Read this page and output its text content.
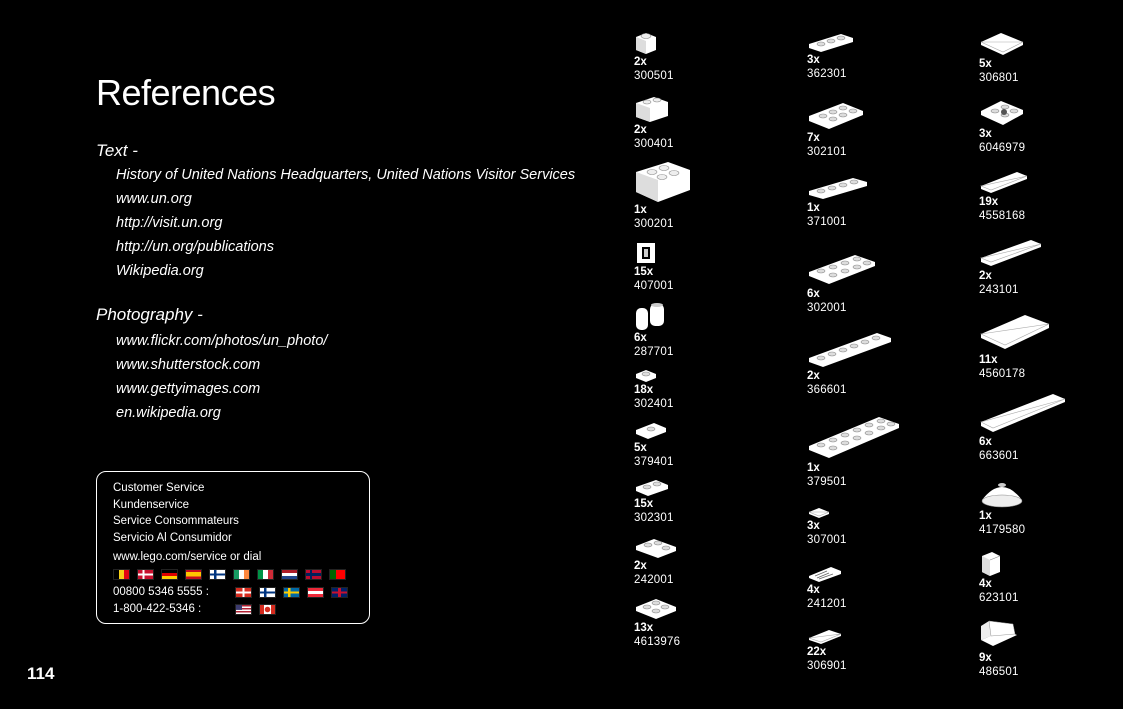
References
Text -
History of United Nations Headquarters, United Nations Visitor Services
www.un.org
http://visit.un.org
http://un.org/publications
Wikipedia.org
Photography -
www.flickr.com/photos/un_photo/
www.shutterstock.com
www.gettyimages.com
en.wikipedia.org
Customer Service
Kundenservice
Service Consommateurs
Servicio Al Consumidor
www.lego.com/service or dial
00800 5346 5555 :
1-800-422-5346 :
114
2x
300501
2x
300401
1x
300201
15x
407001
6x
287701
18x
302401
5x
379401
15x
302301
2x
242001
13x
4613976
3x
362301
7x
302101
1x
371001
6x
302001
2x
366601
1x
379501
3x
307001
4x
241201
22x
306901
5x
306801
3x
6046979
19x
4558168
2x
243101
11x
4560178
6x
663601
1x
4179580
4x
623101
9x
486501
